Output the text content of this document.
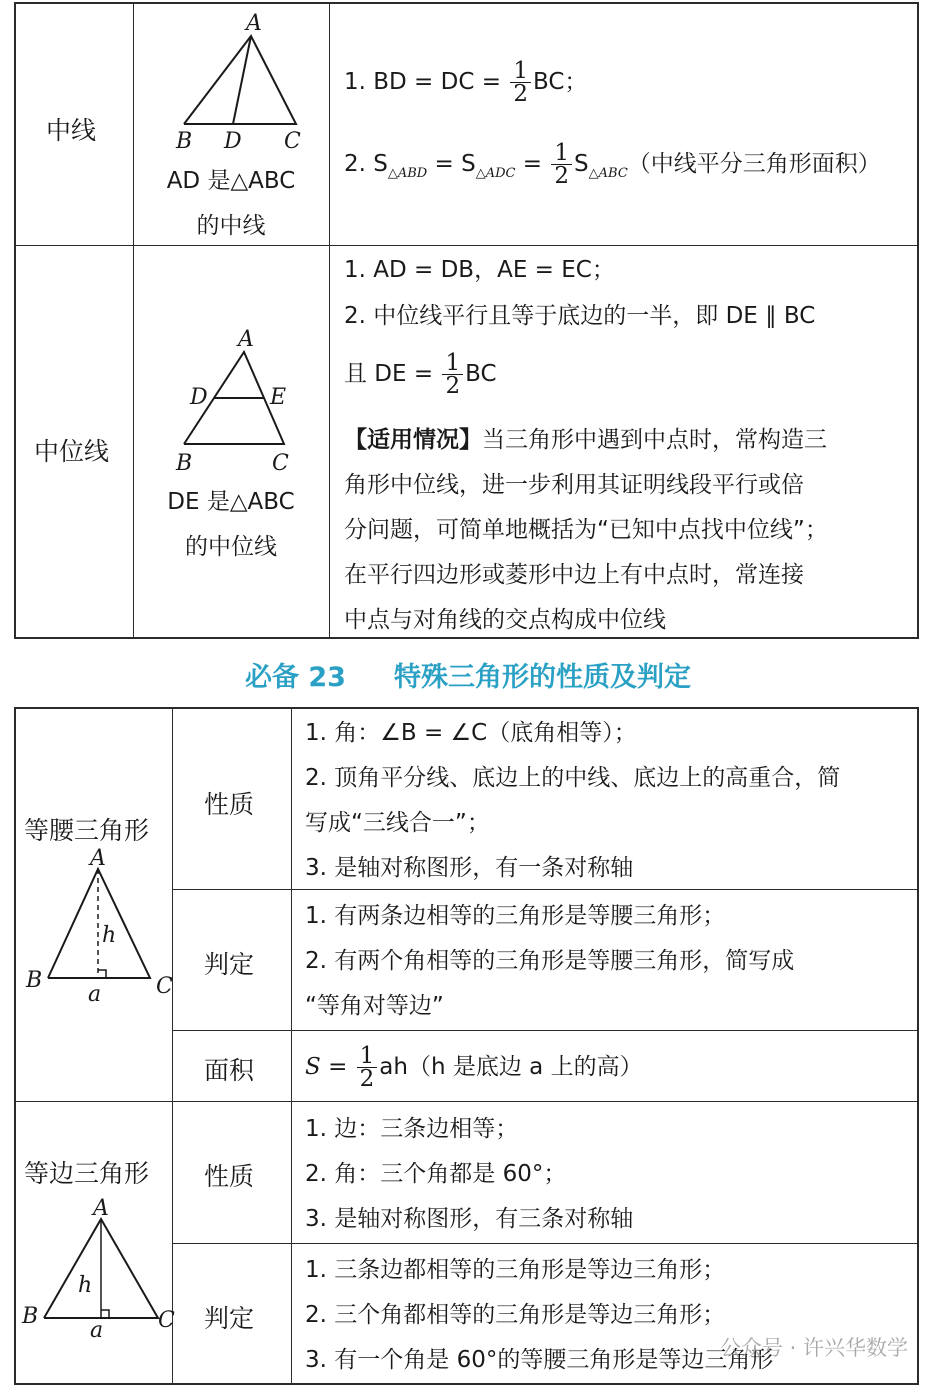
中线
A
B D C
AD 是△ABC
的中线
1. BD = DC = $\frac{1}{2}$ BC；
2. $S_{\triangle ABD} = S_{\triangle ADC} = \frac{1}{2} S_{\triangle ABC}$（中线平分三角形面积）
中位线
A
D	E
B	C
DE 是△ABC
的中位线
1. AD = DB，AE = EC；
2. 中位线平行且等于底边的一半，即 DE ∥ BC
且 DE = $\frac{1}{2}$ BC
【适用情况】当三角形中遇到中点时，常构造三
角形中位线，进一步利用其证明线段平行或倍
分问题，可简单地概括为“已知中点找中位线”；
在平行四边形或菱形中边上有中点时，常连接
中点与对角线的交点构成中位线
必备 23 特殊三角形的性质及判定
等腰三角形
A
h
B
a C
性质
1. 角：∠B = ∠C（底角相等）；
2. 顶角平分线、底边上的中线、底边上的高重合，简
写成“三线合一”；
3. 是轴对称图形，有一条对称轴
判定
1. 有两条边相等的三角形是等腰三角形；
2. 有两个角相等的三角形是等腰三角形，简写成
“等角对等边”
面积 $S = \frac{1}{2} ah(h$ 是底边 a 上的高）
等边三角形
A
h
B
a C
性质
1. 边：三条边相等；
2. 角：三个角都是 60°；
3. 是轴对称图形，有三条对称轴
判定
1. 三条边都相等的三角形是等边三角形；
2. 三个角都相等的三角形是等边三角形；
3. 有一个角是 60°的等腰三角形是等边三角形
公众号 · 许兴华数学
